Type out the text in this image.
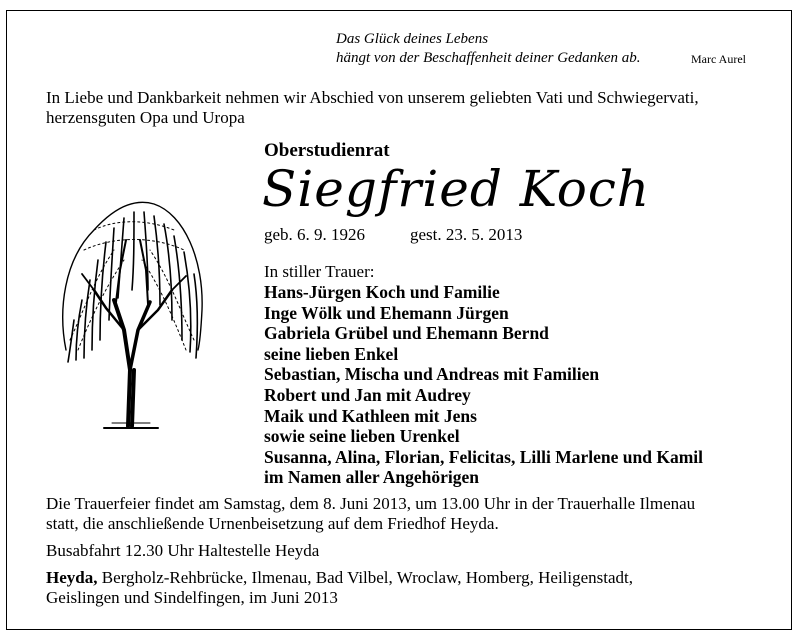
Das Glück deines Lebens
hängt von der Beschaffenheit deiner Gedanken ab.	Marc Aurel
In Liebe und Dankbarkeit nehmen wir Abschied von unserem geliebten Vati und Schwiegervati,
herzensguten Opa und Uropa
Oberstudienrat
Siegfried Koch
geb. 6. 9. 1926	gest. 23. 5. 2013
In stiller Trauer:
Hans-Jürgen Koch und Familie
Inge Wölk und Ehemann Jürgen
Gabriela Grübel und Ehemann Bernd
seine lieben Enkel
Sebastian, Mischa und Andreas mit Familien
Robert und Jan mit Audrey
Maik und Kathleen mit Jens
sowie seine lieben Urenkel
Susanna, Alina, Florian, Felicitas, Lilli Marlene und Kamil
im Namen aller Angehörigen
Die Trauerfeier findet am Samstag, dem 8. Juni 2013, um 13.00 Uhr in der Trauerhalle Ilmenau
statt, die anschließende Urnenbeisetzung auf dem Friedhof Heyda.
Busabfahrt 12.30 Uhr Haltestelle Heyda
Heyda, Bergholz-Rehbrücke, Ilmenau, Bad Vilbel, Wroclaw, Homberg, Heiligenstadt,
Geislingen und Sindelfingen, im Juni 2013
